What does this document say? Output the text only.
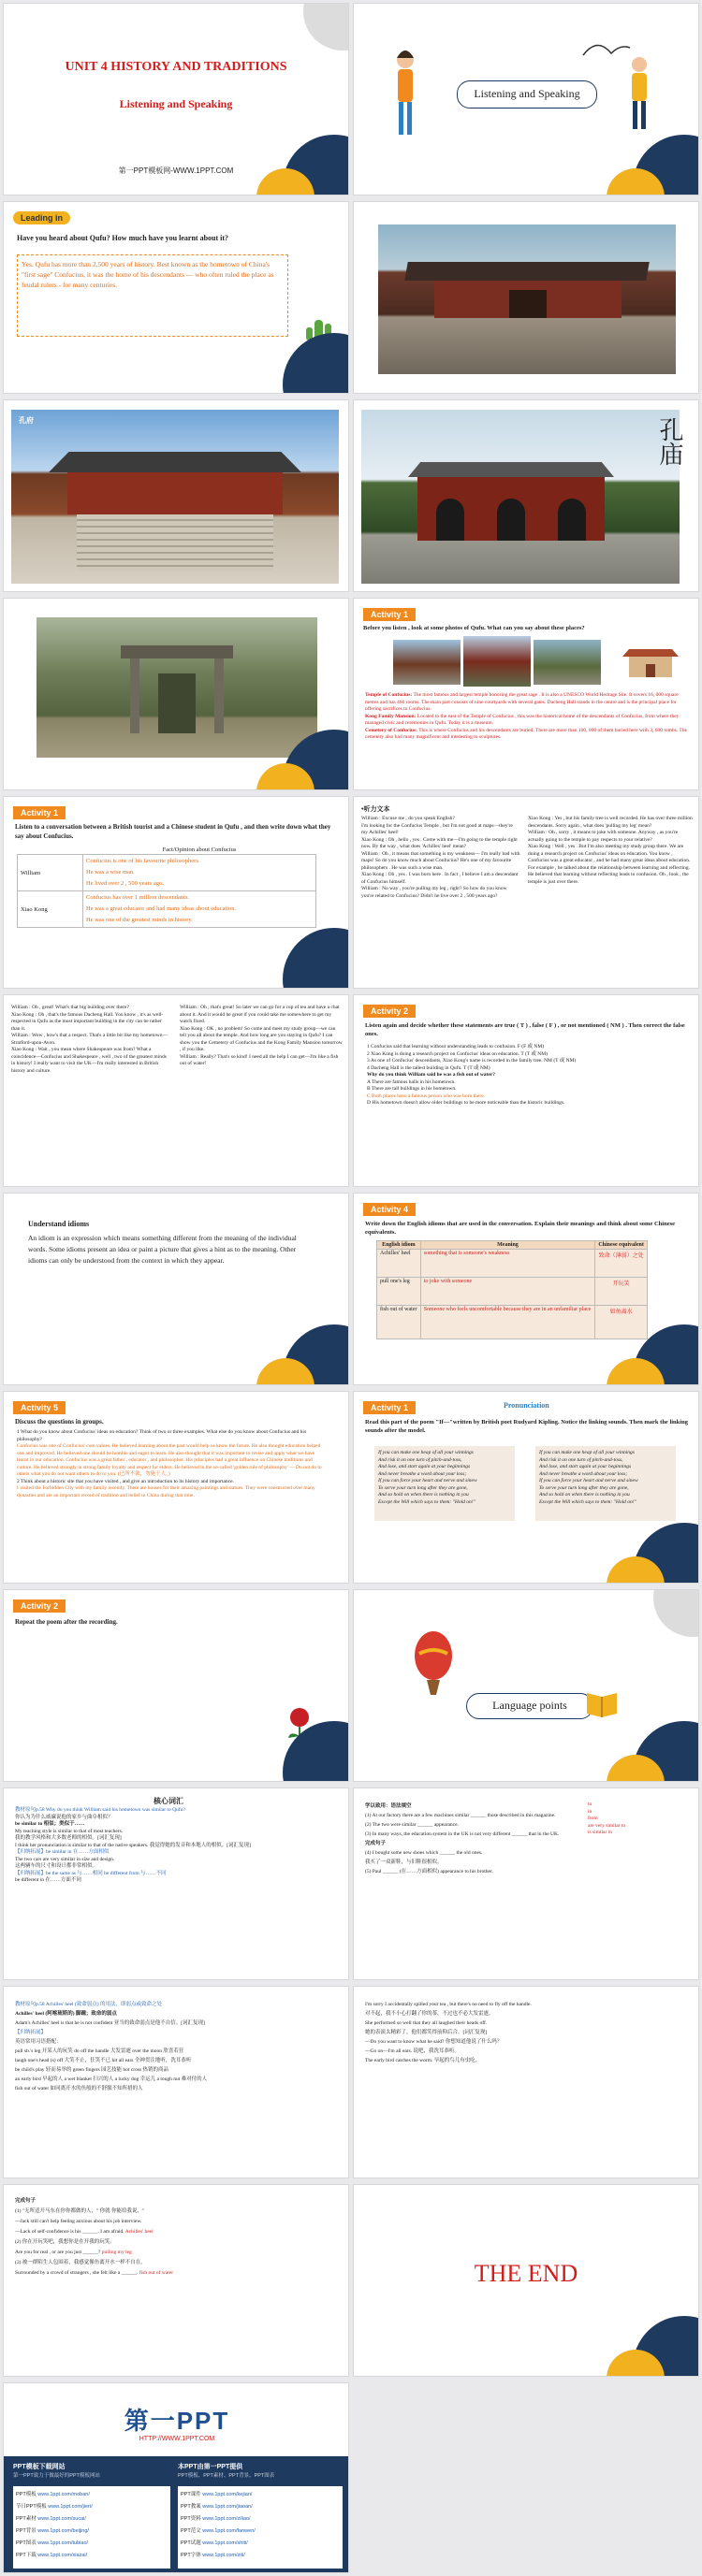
UNIT 4 HISTORY AND TRADITIONS
Listening and Speaking
第一PPT模板网-WWW.1PPT.COM
Listening and Speaking
Leading in
Have you heard about Qufu? How much have you learnt about it?
Yes. Qufu has more than 2,500 years of history. Best known as the hometown of China's "first sage" Confucius, it was the home of his descendants — who often ruled the place as feudal rulers - for many centuries.
孔府	孔庙
Activity 1
Before you listen , look at some photos of Qufu. What can you say about these places?
Temple of Confucius: The most famous and largest temple honoring the great sage . It is also a UNESCO World Heritage Site. It covers 16, 000 square metres and has 466 rooms. The main part consists of nine courtyards with several gates. Dacheng Hall stands in the centre and is the principal place for offering sacrifices to Confucius.
Kong Family Mansion: Located to the east of the Temple of Confucius , this was the historical home of the descendants of Confucius, from where they managed civic and ceremonies in Qufu. Today it is a museum.
Cemetery of Confucius: This is where Confucius and his descendants are buried. There are more than 100, 000 of them buried here with 3, 600 tombs. The cemetery also had many magnificent and interesting to sculptures.
Activity 1
Listen to a conversation between a British tourist and a Chinese student in Qufu , and then write down what they say about Confucius.
	Fact/Opinion about Confucius
William	Confucius is one of his favourite philosophers.
He was a wise man.
He lived over 2 , 500 years ago.

Xiao Kong	Confucius has over 1 million descendants.
He was a great educator and had many ideas about education.
He was one of the greatest minds in history.
•听力文本
William : Excuse me , do you speak English?
I'm looking for the Confucius Temple , but I'm not good at maps—they're my Achilles' heel!
Xiao Kong : Oh , hello , yes . Come with me—I'm going to the temple right now. By the way , what does 'Achilles' heel' mean?
William : Oh , it means that something is my weakness— I'm really bad with maps! So do you know much about Confucius? He's one of my favourite philosophers . He was such a wise man.
Xiao Kong : Oh , yes . I was born here . In fact , I believe I am a descendant of Confucius himself.
William : No way , you're pulling my leg , right? So how do you know you're related to Confucius? Didn't he live over 2 , 500 years ago?
Xiao Kong : Yes , but his family tree is well recorded. He has over three million descendants. Sorry again , what does 'pulling my leg' mean?
William : Oh , sorry , it means to joke with someone. Anyway , as you're actually going to the temple to pay respects to your relative?
Xiao Kong : Well , yes . But I'm also meeting my study group there. We are doing a research project on Confucius' ideas on education. You know , Confucius was a great educator , and he had many great ideas about education. For example , he talked about the relationship between learning and reflecting. He believed that learning without reflecting leads to confusion. Oh , look , the temple is just over there.
William : Oh , great! What's that big building over there?
Xiao Kong : Oh , that's the famous Dacheng Hall. You know , it's as well-respected in Qufu as the most important building in the city can be rather than it.
William : Wow , how's that a respect. That's a little bit like my hometown—Stratford-upon-Avon.
Xiao Kong : Wait , you mean where Shakespeare was from? What a coincidence—Confucius and Shakespeare , well , two of the greatest minds in history! I really want to visit the UK—I'm really interested in British history and culture.
William : Oh , that's great! So later we can go for a cup of tea and have a chat about it. And it would be great if you could take me somewhere to get my watch fixed.
Xiao Kong : OK , no problem! So come and meet my study group—we can tell you all about the temple. And how long are you staying in Qufu? I can show you the Cemetery of Confucius and the Kong Family Mansion tomorrow , if you like.
William : Really? That's so kind! I need all the help I can get—I'm like a fish out of water!
Activity 2
Listen again and decide whether these statements are true ( T ) , false ( F ) , or not mentioned ( NM ) . Then correct the false ones.
1 Confucius said that learning without understanding leads to confusion. F (F 或 NM)
2 Xiao Kong is doing a research project on Confucius' ideas on education. T (T 或 NM)
3 As one of Confucius' descendants, Xiao Kong's name is recorded in the family tree. NM (T 或 NM)
4 Dacheng Hall is the tallest building in Qufu. T (T 或 NM)
Why do you think William said he was a fish out of water?
A There are famous halls in his hometown.
B There are tall buildings in his hometown.
C Both places have a famous person who was born there.
D His hometown doesn't allow older buildings to be more noticeable than the historic buildings.
Understand idioms
An idiom is an expression which means something different from the meaning of the individual words. Some idioms present an idea or paint a picture that gives a hint as to the meaning. Other idioms can only be understood from the context in which they appear.
Activity 4
Write down the English idioms that are used in the conversation. Explain their meanings and think about some Chinese equivalents.
English idiom	Meaning	Chinese equivalent
Achilles' heel	something that is someone's weakness	致命（薄弱）之处
pull one's leg	to joke with someone	开玩笑
fish out of water	Someone who feels uncomfortable because they are in an unfamiliar place	如鱼离水
Activity 5
Discuss the questions in groups.
1 What do you know about Confucius' ideas on education? Think of two or three examples. What else do you know about Confucius and his philosophy?
Confucius was one of Confucius' core values. He believed learning about the past would help us know the future. He also thought education helped one and improved. He believed one should be humble and eager to learn. He also thought that it was important to revise and apply what we have learnt in our education. Confucius was a great father , educator , and philosopher. His principles had a great influence on Chinese traditions and culture. He believed strongly in strong family loyalty and respect for elders. He believed in the so-called 'golden rule of philosophy' — Do not do to others what you do not want others to do to you. (已所不欲，勿施于人。)
2 Think about a historic site that you have visited , and give an introduction to its history and importance.
I visited the Forbidden City with my family recently. There are houses for their amazing paintings and statues. They were constructed over many dynasties and are an important record of tradition and belief in China during that time.
Activity 1	Pronunciation
Read this part of the poem "If—"written by British poet Rudyard Kipling. Notice the linking sounds. Then mark the linking sounds after the model.
If you can make one heap of all your winnings
And risk it on one turn of pitch-and-toss,
And lose, and start again at your beginnings
And never breathe a word about your loss;
If you can force your heart and nerve and sinew
To serve your turn long after they are gone,
And so hold on when there is nothing in you
Except the Will which says to them: "Hold on!"
If you can make one heap of all your winnings
And risk it on one turn of pitch-and-toss,
And lose, and start again at your beginnings
And never breathe a word about your loss;
If you can force your heart and nerve and sinew
To serve your turn long after they are gone,
And so hold on when there is nothing in you
Except the Will which says to them: "Hold on!"
Activity 2
Repeat the poem after the recording.
Language points
核心词汇
教材原句p.58 Why do you think William said his hometown was similar to Qufu?
你认为为什么威廉说他的家乡与曲阜相似？
be similar to 相似；类似于……
My teaching style is similar to that of most teachers.
我的教学风格和大多数老师的相似。[词汇复现]
I think her pronunciation is similar to that of the native speakers. 我觉得她的发音和本地人的相似。[词汇复现]
【归纳拓展】be similar in 在……方面相似
The two cars are very similar in size and design.
这两辆车的尺寸和设计都非常相似。
【归纳拓展】be the same as 与……相同 be different from 与……不同
be different in 在……方面不同
学以致用：语法填空
(1) At our factory there are a few machines similar ______ those described in this magazine.
(2) The two were similar ______ appearance.
(3) In many ways, the education system in the UK is not very different ______ that in the UK.
完成句子
(4) I bought some new shoes which ______ the old ones.
我买了一双新鞋，与旧鞋很相似。
(5) Paul ______ (在……方面相似) appearance to his brother.
to
in
from
are very similar to
is similar in
教材原句p.58 Achilles' heel (致命弱点) 的用法，即弱点或致命之处
Achilles' heel (阿喀琉斯的) 脚踵；致命的弱点
Adam's Achilles' heel is that he is not confident 亚当的致命弱点是他不自信。[词汇复现]
【归纳拓展】
英语常用习语搭配：
pull sb.'s leg 开某人的玩笑 do off the handle 大发雷霆 over the moon 欣喜若狂
laugh one's head (s) off 大笑不止，狂笑不已 hit all ears 全神贯注地听，洗耳恭听
be child's play 轻而易举的 green fingers 园艺技能 hot cross 热销的商品
an early bird 早起的人 a wet blanket 扫兴的人 a lucky dog 幸运儿 a tough nut 难对付的人
fish out of water 如同离开水的鱼般的不舒服不知所措的人
I'm sorry I accidentally spilled your tea , but there's no need to fly off the handle.
对不起，我不小心打翻了你的茶，不过也不必大发雷霆。
She performed so well that they all laughed their heads off.
她的表演太精彩了，他们都笑得前仰后合。[词汇复现]
—Do you want to know what he said? 你想知道他说了什么吗？
—Go on—I'm all ears. 说吧，我洗耳恭听。
The early bird catches the worm. 早起的鸟儿有虫吃。
完成句子
(1) "无所适开马东在你你都做的人，" 你就 你能给我说，"
—Jack still can't help feeling anxious about his job interview.
—Lack of self-confidence is his ______. I am afraid. Achilles' heel
(2) 你在开玩笑吧，我想你是在开我的玩笑。
Are you for real , or are you just ______? pulling my leg
(3) 被一群陌生人包围着，我感觉像鱼离开水一样不自在。
Surrounded by a crowd of strangers , she felt like a ______. fish out of water	THE END
第一PPT
HTTP://WWW.1PPT.COM
PPT模板下载网站
第一PPT致力于做最好的PPT模板网站
本PPT由第一PPT提供
PPT模板、PPT素材、PPT背景、PPT图表
PPT模板 www.1ppt.com/moban/
节日PPT模板 www.1ppt.com/jieri/
PPT素材 www.1ppt.com/sucai/
PPT背景 www.1ppt.com/beijing/
PPT图表 www.1ppt.com/tubiao/
PPT下载 www.1ppt.com/xiazai/
PPT课件 www.1ppt.com/kejian/
PPT教案 www.1ppt.com/jiaoan/
PPT资料 www.1ppt.com/ziliao/
PPT范文 www.1ppt.com/fanwen/
PPT试题 www.1ppt.com/shiti/
PPT字体 www.1ppt.com/ziti/
